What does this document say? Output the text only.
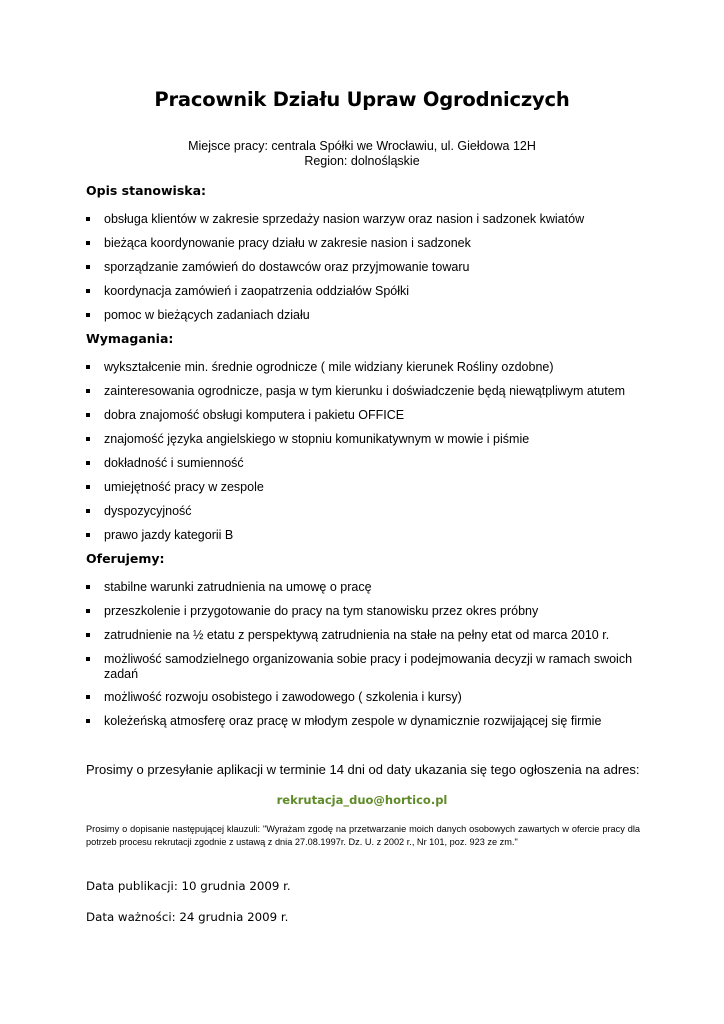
Pracownik Działu Upraw Ogrodniczych
Miejsce pracy: centrala Spółki we Wrocławiu, ul. Giełdowa 12H
Region: dolnośląskie
Opis stanowiska:
obsługa klientów w zakresie sprzedaży nasion warzyw oraz nasion i sadzonek kwiatów
bieżąca koordynowanie pracy działu w zakresie nasion i sadzonek
sporządzanie zamówień do dostawców oraz przyjmowanie towaru
koordynacja zamówień i zaopatrzenia oddziałów Spółki
pomoc w bieżących zadaniach działu
Wymagania:
wykształcenie min. średnie ogrodnicze ( mile widziany kierunek Rośliny ozdobne)
zainteresowania ogrodnicze, pasja w tym kierunku i doświadczenie będą niewątpliwym atutem
dobra znajomość obsługi komputera i pakietu OFFICE
znajomość języka angielskiego w stopniu komunikatywnym w mowie i piśmie
dokładność i sumienność
umiejętność pracy w zespole
dyspozycyjność
prawo jazdy kategorii B
Oferujemy:
stabilne warunki zatrudnienia na umowę o pracę
przeszkolenie i przygotowanie do pracy na tym stanowisku przez okres próbny
zatrudnienie na ½ etatu z perspektywą zatrudnienia na stałe na pełny etat od marca 2010 r.
możliwość samodzielnego organizowania sobie pracy i podejmowania decyzji w ramach swoich zadań
możliwość rozwoju osobistego i zawodowego ( szkolenia i kursy)
koleżeńską atmosferę oraz pracę w młodym zespole w dynamicznie rozwijającej się firmie
Prosimy o przesyłanie aplikacji w terminie 14 dni od daty ukazania się tego ogłoszenia na adres:
rekrutacja_duo@hortico.pl
Prosimy o dopisanie następującej klauzuli: "Wyrażam zgodę na przetwarzanie moich danych osobowych zawartych w ofercie pracy dla potrzeb procesu rekrutacji zgodnie z ustawą z dnia 27.08.1997r. Dz. U. z 2002 r., Nr 101, poz. 923 ze zm."
Data publikacji: 10 grudnia 2009 r.
Data ważności: 24 grudnia 2009 r.
